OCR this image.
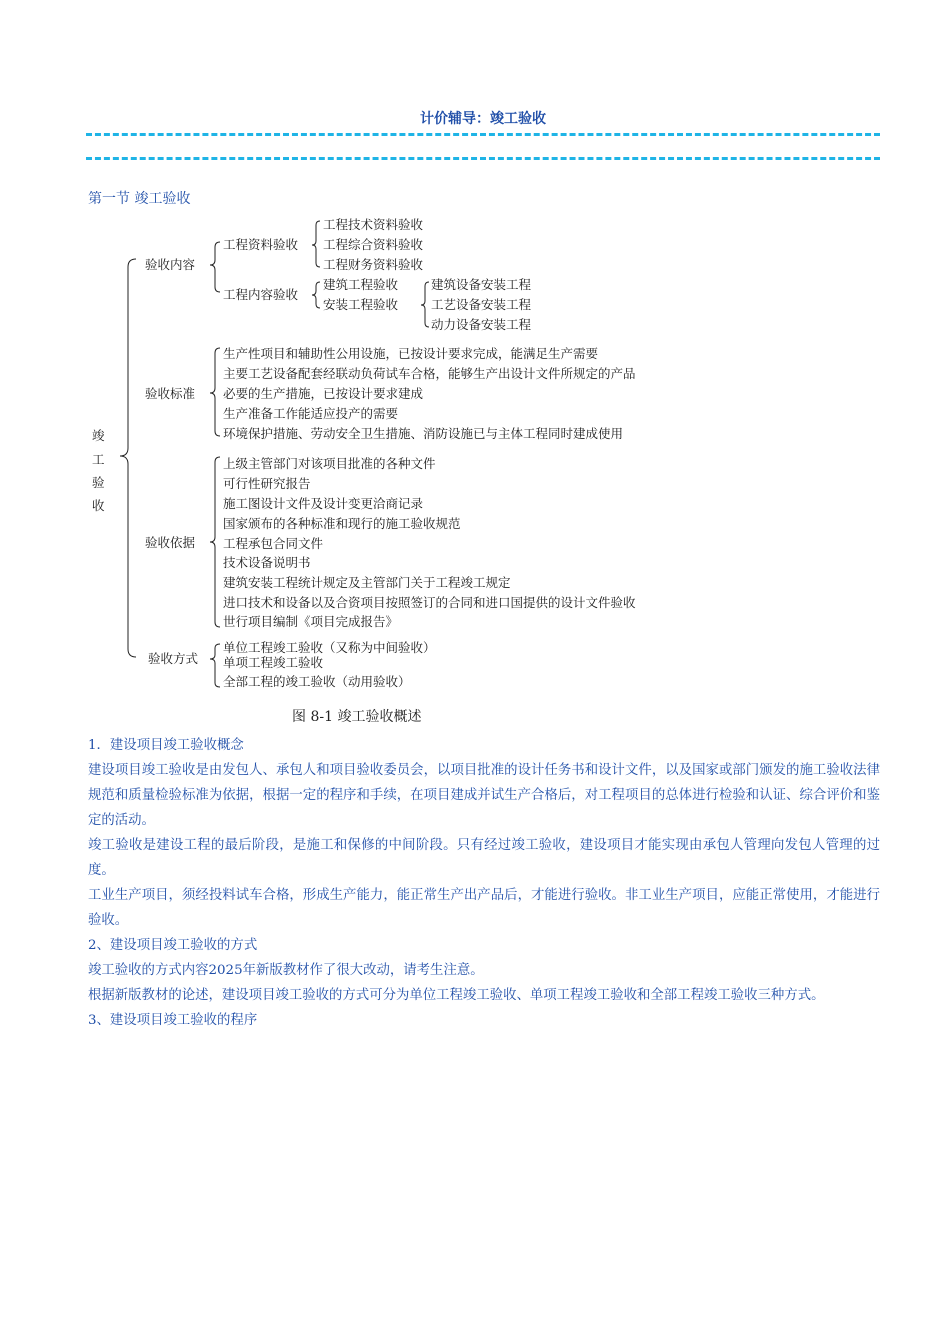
计价辅导：竣工验收
第一节 竣工验收
竣
工
验
收
验收内容
验收标准
验收依据
验收方式
工程资料验收
工程内容验收
工程技术资料验收
工程综合资料验收
工程财务资料验收
建筑工程验收
安装工程验收
建筑设备安装工程
工艺设备安装工程
动力设备安装工程
生产性项目和辅助性公用设施，已按设计要求完成，能满足生产需要
主要工艺设备配套经联动负荷试车合格，能够生产出设计文件所规定的产品
必要的生产措施，已按设计要求建成
生产准备工作能适应投产的需要
环境保护措施、劳动安全卫生措施、消防设施已与主体工程同时建成使用
上级主管部门对该项目批准的各种文件
可行性研究报告
施工图设计文件及设计变更洽商记录
国家颁布的各种标准和现行的施工验收规范
工程承包合同文件
技术设备说明书
建筑安装工程统计规定及主管部门关于工程竣工规定
进口技术和设备以及合资项目按照签订的合同和进口国提供的设计文件验收
世行项目编制《项目完成报告》
单位工程竣工验收（又称为中间验收）
单项工程竣工验收
全部工程的竣工验收（动用验收）
图 8-1 竣工验收概述

1．建设项目竣工验收概念

建设项目竣工验收是由发包人、承包人和项目验收委员会，以项目批准的设计任务书和设计文件，以及国家或部门颁发的施工验收法律规范和质量检验标准为依据，根据一定的程序和手续，在项目建成并试生产合格后，对工程项目的总体进行检验和认证、综合评价和鉴定的活动。

竣工验收是建设工程的最后阶段，是施工和保修的中间阶段。只有经过竣工验收，建设项目才能实现由承包人管理向发包人管理的过度。

工业生产项目，须经投料试车合格，形成生产能力，能正常生产出产品后，才能进行验收。非工业生产项目，应能正常使用，才能进行验收。

2、建设项目竣工验收的方式

竣工验收的方式内容2025年新版教材作了很大改动，请考生注意。

根据新版教材的论述，建设项目竣工验收的方式可分为单位工程竣工验收、单项工程竣工验收和全部工程竣工验收三种方式。

3、建设项目竣工验收的程序
